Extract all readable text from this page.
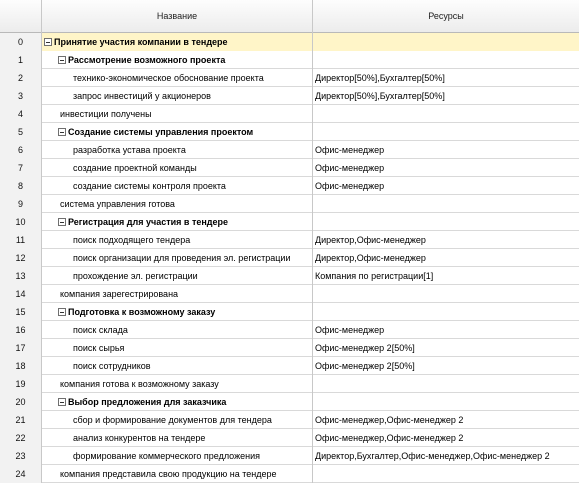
Название	Ресурсы
0	Принятие участия компании в тендере
1	Рассмотрение возможного проекта
2	технико-экономическое обоснование проекта	Директор[50%],Бухгалтер[50%]
3	запрос инвестиций у акционеров	Директор[50%],Бухгалтер[50%]
4	инвестиции получены
5	Создание системы управления проектом
6	разработка устава проекта	Офис-менеджер
7	создание проектной команды	Офис-менеджер
8	создание системы контроля проекта	Офис-менеджер
9	система управления готова
10	Регистрация для участия в тендере
11	поиск подходящего тендера	Директор,Офис-менеджер
12	поиск организации для проведения эл. регистрации	Директор,Офис-менеджер
13	прохождение эл. регистрации	Компания по регистрации[1]
14	компания зарегестрирована
15	Подготовка к возможному заказу
16	поиск склада	Офис-менеджер
17	поиск сырья	Офис-менеджер 2[50%]
18	поиск сотрудников	Офис-менеджер 2[50%]
19	компания готова к возможному заказу
20	Выбор предложения для заказчика
21	сбор и формирование документов для тендера	Офис-менеджер,Офис-менеджер 2
22	анализ конкурентов на тендере	Офис-менеджер,Офис-менеджер 2
23	формирование коммерческого предложения	Директор,Бухгалтер,Офис-менеджер,Офис-менеджер 2
24	компания представила свою продукцию на тендере
